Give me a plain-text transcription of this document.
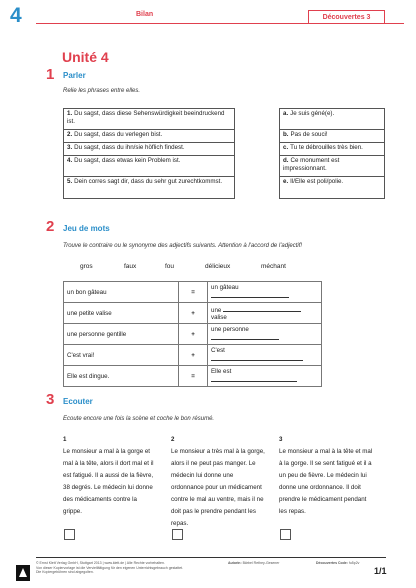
4	Bilan	Découvertes 3
Unité 4
1 Parler
Relie les phrases entre elles.
1. Du sagst, dass diese Sehenswürdigkeit beeindruckend ist.
2. Du sagst, dass du verlegen bist.
3. Du sagst, dass du ihn/sie höflich findest.
4. Du sagst, dass etwas kein Problem ist.
5. Dein corres sagt dir, dass du sehr gut zurechtkommst.
a. Je suis géné(e).
b. Pas de souci!
c. Tu te débrouilles très bien.
d. Ce monument est impressionnant.
e. Il/Elle est poli/polie.
2 Jeu de mots
Trouve le contraire ou le synonyme des adjectifs suivants. Attention à l'accord de l'adjectif!
gros	faux	fou	délicieux	méchant
un bon gâteau	=	un gâteau
une petite valise	+	une  valise
une personne gentille	+	une personne
C'est vrai!	+	C'est
Elle est dingue.	=	Elle est
3 Ecouter
Ecoute encore une fois la scène et coche le bon résumé.
1
Le monsieur a mal à la gorge et mal à la tête, alors il dort mal et il est fatigué. Il a aussi de la fièvre, 38 degrés. Le médecin lui donne des médicaments contre la grippe.
2
Le monsieur a très mal à la gorge, alors il ne peut pas manger. Le médecin lui donne une ordonnance pour un médicament contre le mal au ventre, mais il ne doit pas le prendre pendant les repas.
3
Le monsieur a mal à la tête et mal à la gorge. Il se sent fatigué et il a un peu de fièvre. Le médecin lui donne une ordonnance. Il doit prendre le médicament pendant les repas.
© Ernst Klett Verlag GmbH, Stuttgart 2013 | www.klett.de | Alle Rechte vorbehalten.
Von dieser Kopiervorlage ist die Vervielfältigung für den eigenen Unterrichtsgebrauch gestattet.
Die Kopiergebühren sind abgegolten.
Autorin: Bärbel Rethey-Gesener	Découvertes Code: fu5p2v
1/1
